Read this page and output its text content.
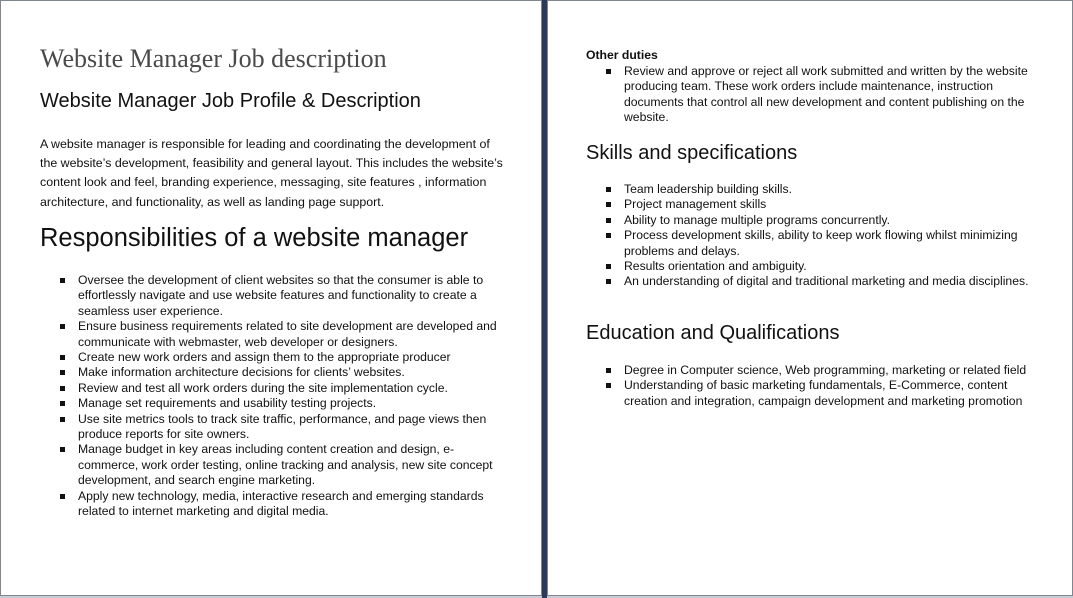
Website Manager Job description
Website Manager Job Profile & Description

A website manager is responsible for leading and coordinating the development of the website’s development, feasibility and general layout. This includes the website’s content look and feel, branding experience, messaging, site features , information architecture, and functionality, as well as landing page support.

Responsibilities of a website manager
Oversee the development of client websites so that the consumer is able to effortlessly navigate and use website features and functionality to create a seamless user experience.
Ensure business requirements related to site development are developed and communicate with webmaster, web developer or designers.
Create new work orders and assign them to the appropriate producer
Make information architecture decisions for clients’ websites.
Review and test all work orders during the site implementation cycle.
Manage set requirements and usability testing projects.
Use site metrics tools to track site traffic, performance, and page views then produce reports for site owners.
Manage budget in key areas including content creation and design, e-commerce, work order testing, online tracking and analysis, new site concept development, and search engine marketing.
Apply new technology, media, interactive research and emerging standards related to internet marketing and digital media.
Other duties
Review and approve or reject all work submitted and written by the website producing team. These work orders include maintenance, instruction documents that control all new development and content publishing on the website.
Skills and specifications
Team leadership building skills.
Project management skills
Ability to manage multiple programs concurrently.
Process development skills, ability to keep work flowing whilst minimizing problems and delays.
Results orientation and ambiguity.
An understanding of digital and traditional marketing and media disciplines.
Education and Qualifications
Degree in Computer science, Web programming, marketing or related field
Understanding of basic marketing fundamentals, E-Commerce, content creation and integration, campaign development and marketing promotion
